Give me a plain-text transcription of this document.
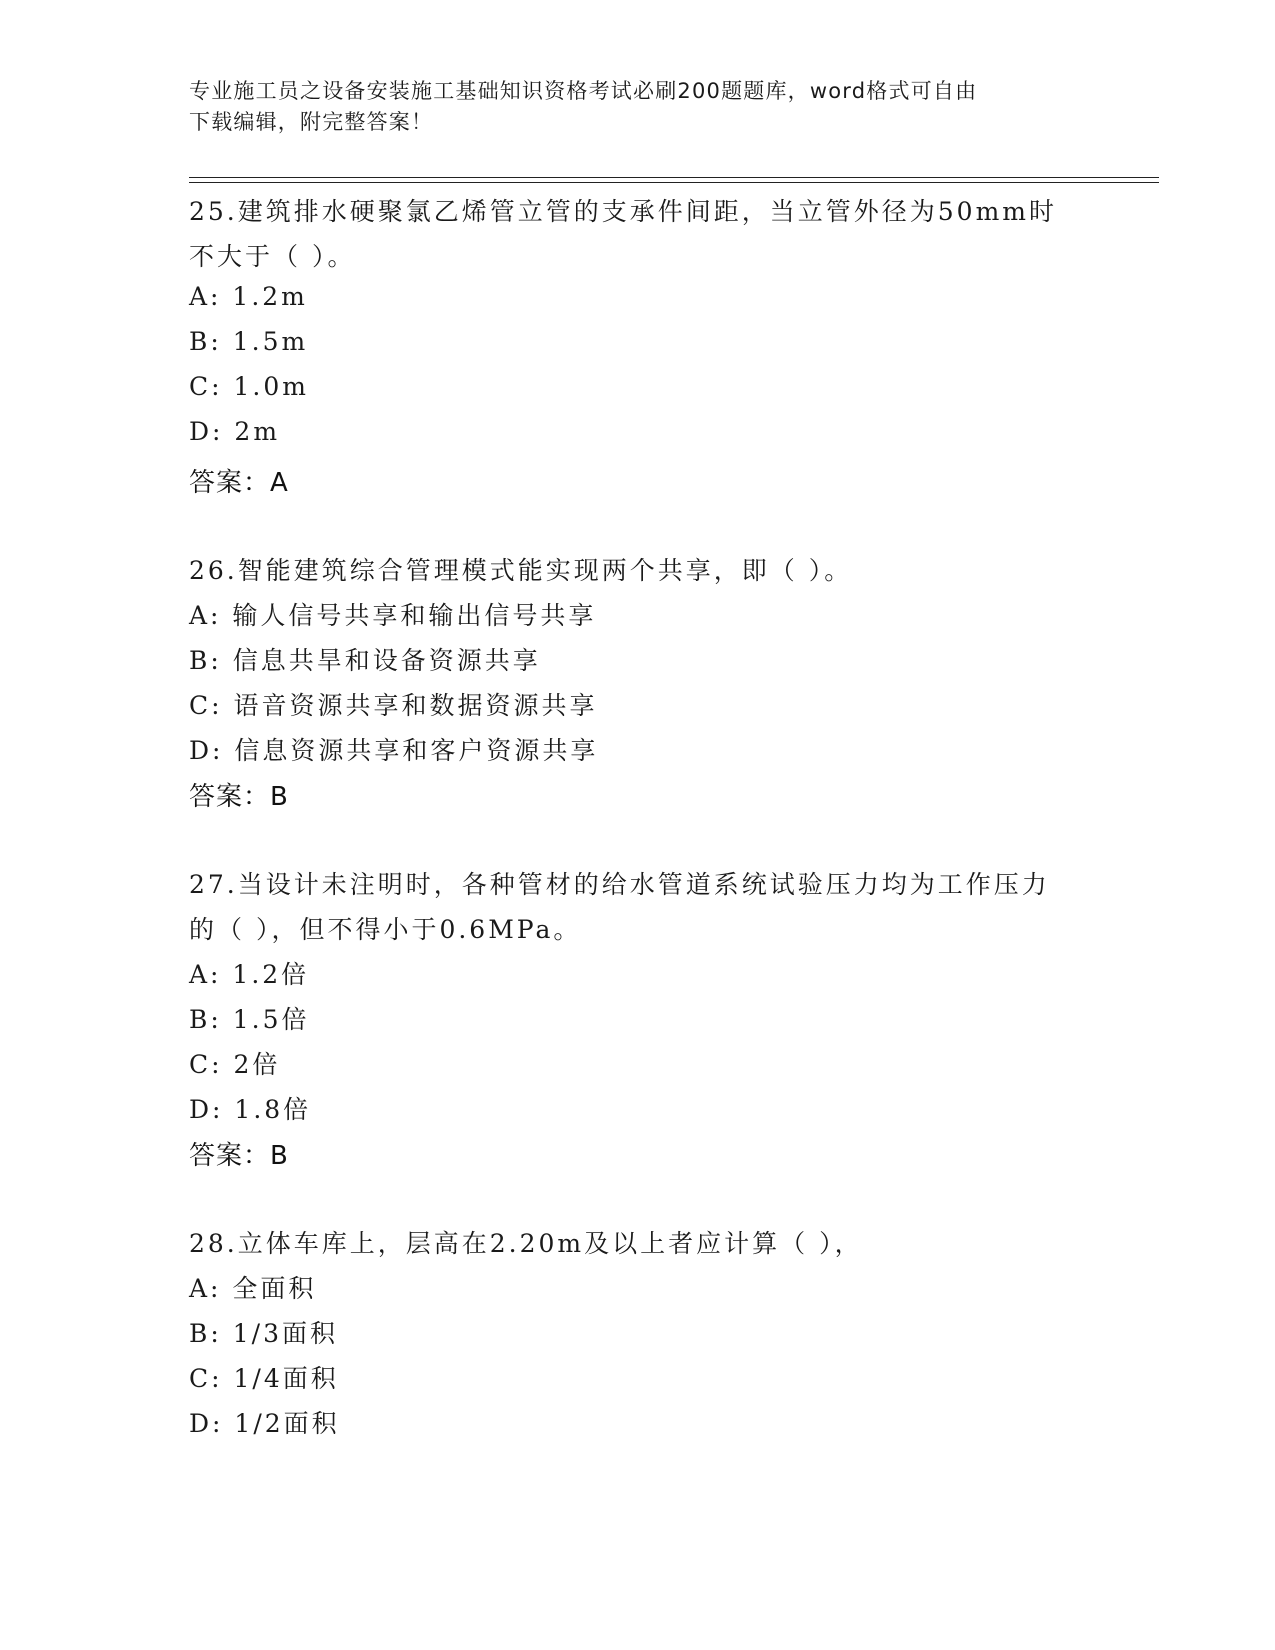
专业施工员之设备安装施工基础知识资格考试必刷200题题库，word格式可自由
下载编辑，附完整答案！
25.建筑排水硬聚氯乙烯管立管的支承件间距，当立管外径为50mm时
不大于（ ）。
A: 1.2m
B: 1.5m
C: 1.0m
D: 2m
答案：A
26.智能建筑综合管理模式能实现两个共享，即（ ）。
A: 输人信号共享和输出信号共享
B: 信息共旱和设备资源共享
C: 语音资源共享和数据资源共享
D: 信息资源共享和客户资源共享
答案：B
27.当设计未注明时，各种管材的给水管道系统试验压力均为工作压力
的（ ），但不得小于0.6MPa。
A: 1.2倍
B: 1.5倍
C: 2倍
D: 1.8倍
答案：B
28.立体车库上，层高在2.20m及以上者应计算（ ），
A: 全面积
B: 1/3面积
C: 1/4面积
D: 1/2面积
